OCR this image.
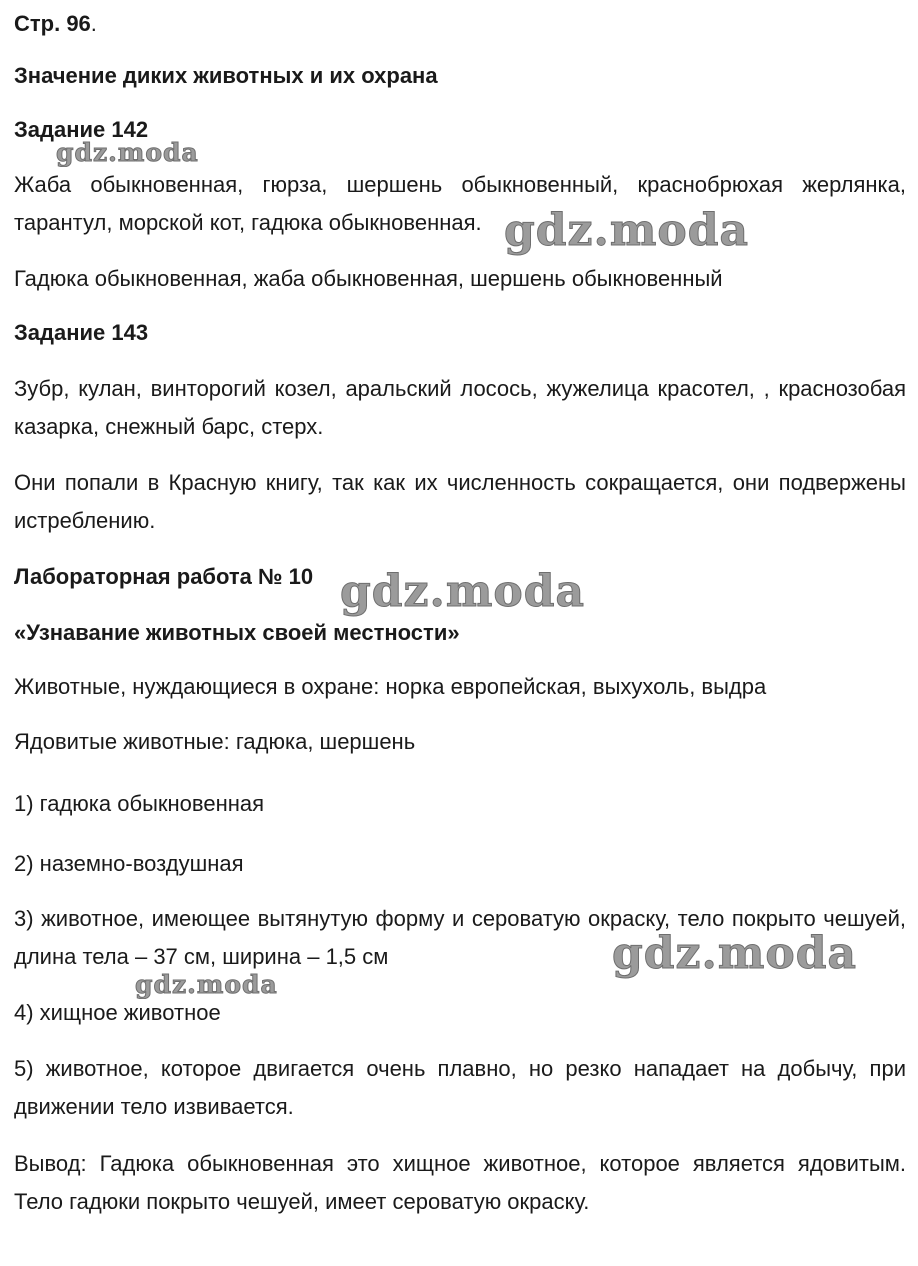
Стр. 96.
Значение диких животных и их охрана
Задание 142
Жаба обыкновенная, гюрза, шершень обыкновенный, краснобрюхая жерлянка, тарантул, морской кот, гадюка обыкновенная.
Гадюка обыкновенная, жаба обыкновенная, шершень обыкновенный
Задание 143
Зубр, кулан, винторогий козел, аральский лосось, жужелица красотел, , краснозобая казарка, снежный барс, стерх.
Они попали в Красную книгу, так как их численность сокращается, они подвержены истреблению.
Лабораторная работа № 10
«Узнавание животных своей местности»
Животные, нуждающиеся в охране: норка европейская, выхухоль, выдра
Ядовитые животные: гадюка, шершень
1) гадюка обыкновенная
2) наземно-воздушная
3) животное, имеющее вытянутую форму и сероватую окраску, тело покрыто чешуей, длина тела – 37 см, ширина – 1,5 см
4) хищное животное
5) животное, которое двигается очень плавно, но резко нападает на добычу, при движении тело извивается.
Вывод: Гадюка обыкновенная это хищное животное, которое является ядовитым. Тело гадюки покрыто чешуей, имеет сероватую окраску.
gdz.moda
gdz.moda
gdz.moda
gdz.moda
gdz.moda
